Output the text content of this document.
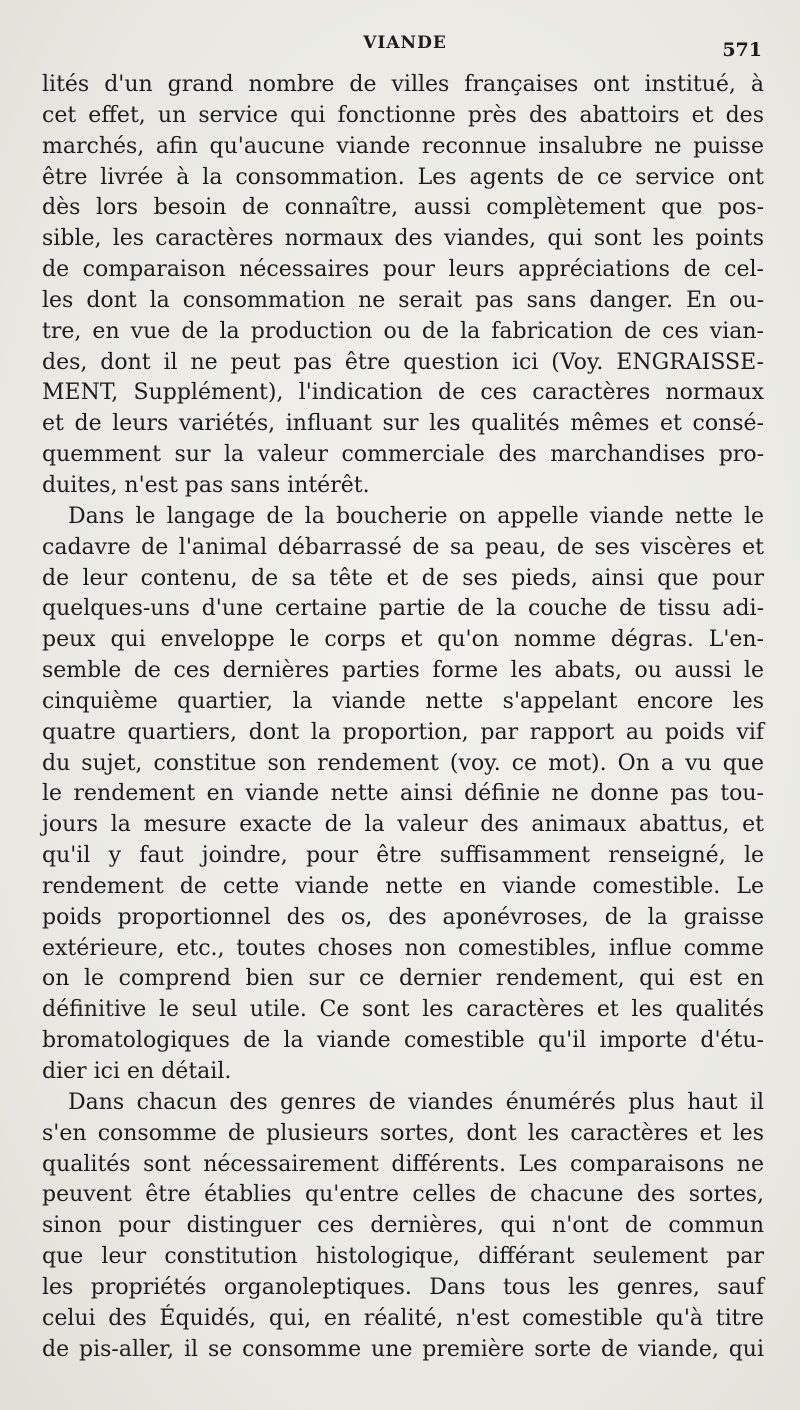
VIANDE	571
lités d'un grand nombre de villes françaises ont institué, à
cet effet, un service qui fonctionne près des abattoirs et des
marchés, afin qu'aucune viande reconnue insalubre ne puisse
être livrée à la consommation. Les agents de ce service ont
dès lors besoin de connaître, aussi complètement que pos-
sible, les caractères normaux des viandes, qui sont les points
de comparaison nécessaires pour leurs appréciations de cel-
les dont la consommation ne serait pas sans danger. En ou-
tre, en vue de la production ou de la fabrication de ces vian-
des, dont il ne peut pas être question ici (Voy. ENGRAISSE-
MENT, Supplément), l'indication de ces caractères normaux
et de leurs variétés, influant sur les qualités mêmes et consé-
quemment sur la valeur commerciale des marchandises pro-
duites, n'est pas sans intérêt.
Dans le langage de la boucherie on appelle viande nette le
cadavre de l'animal débarrassé de sa peau, de ses viscères et
de leur contenu, de sa tête et de ses pieds, ainsi que pour
quelques-uns d'une certaine partie de la couche de tissu adi-
peux qui enveloppe le corps et qu'on nomme dégras. L'en-
semble de ces dernières parties forme les abats, ou aussi le
cinquième quartier, la viande nette s'appelant encore les
quatre quartiers, dont la proportion, par rapport au poids vif
du sujet, constitue son rendement (voy. ce mot). On a vu que
le rendement en viande nette ainsi définie ne donne pas tou-
jours la mesure exacte de la valeur des animaux abattus, et
qu'il y faut joindre, pour être suffisamment renseigné, le
rendement de cette viande nette en viande comestible. Le
poids proportionnel des os, des aponévroses, de la graisse
extérieure, etc., toutes choses non comestibles, influe comme
on le comprend bien sur ce dernier rendement, qui est en
définitive le seul utile. Ce sont les caractères et les qualités
bromatologiques de la viande comestible qu'il importe d'étu-
dier ici en détail.
Dans chacun des genres de viandes énumérés plus haut il
s'en consomme de plusieurs sortes, dont les caractères et les
qualités sont nécessairement différents. Les comparaisons ne
peuvent être établies qu'entre celles de chacune des sortes,
sinon pour distinguer ces dernières, qui n'ont de commun
que leur constitution histologique, différant seulement par
les propriétés organoleptiques. Dans tous les genres, sauf
celui des Équidés, qui, en réalité, n'est comestible qu'à titre
de pis-aller, il se consomme une première sorte de viande, qui
